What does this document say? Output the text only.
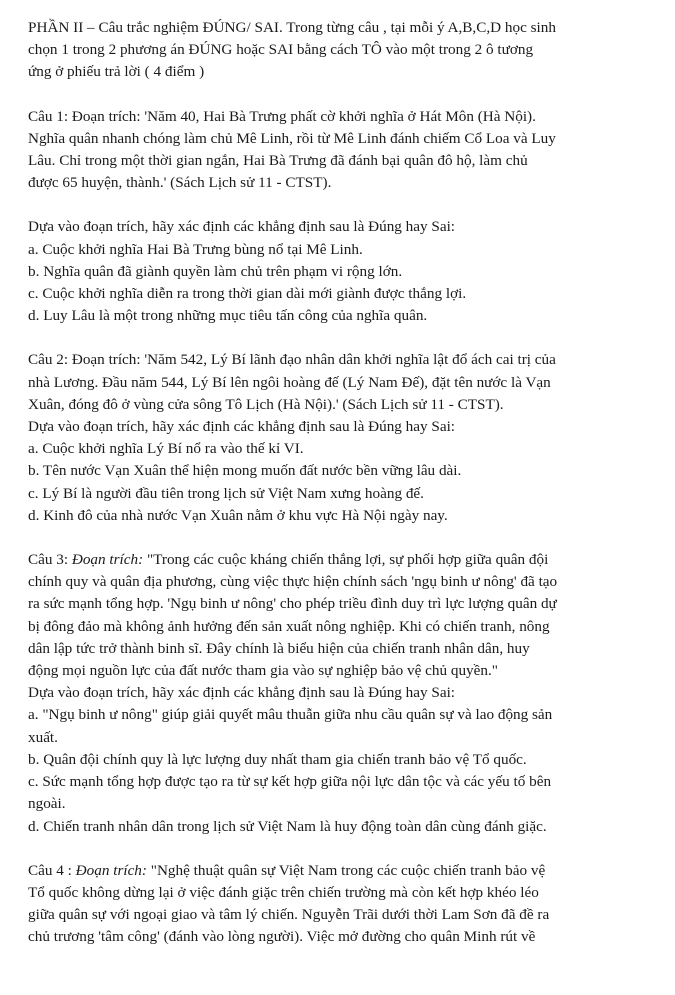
PHẦN II – Câu trắc nghiệm ĐÚNG/ SAI. Trong từng câu , tại mỗi ý A,B,C,D học sinh
chọn 1 trong 2 phương án ĐÚNG hoặc SAI bằng cách TÔ vào một trong 2 ô tương
ứng ở phiếu trả lời ( 4 điểm )
Câu 1: Đoạn trích: 'Năm 40, Hai Bà Trưng phất cờ khởi nghĩa ở Hát Môn (Hà Nội).
Nghĩa quân nhanh chóng làm chủ Mê Linh, rồi từ Mê Linh đánh chiếm Cổ Loa và Luy
Lâu. Chỉ trong một thời gian ngắn, Hai Bà Trưng đã đánh bại quân đô hộ, làm chủ
được 65 huyện, thành.' (Sách Lịch sử 11 - CTST).
Dựa vào đoạn trích, hãy xác định các khẳng định sau là Đúng hay Sai:
a. Cuộc khởi nghĩa Hai Bà Trưng bùng nổ tại Mê Linh.
b. Nghĩa quân đã giành quyền làm chủ trên phạm vi rộng lớn.
c. Cuộc khởi nghĩa diễn ra trong thời gian dài mới giành được thắng lợi.
d. Luy Lâu là một trong những mục tiêu tấn công của nghĩa quân.
Câu 2: Đoạn trích: 'Năm 542, Lý Bí lãnh đạo nhân dân khởi nghĩa lật đổ ách cai trị của
nhà Lương. Đầu năm 544, Lý Bí lên ngôi hoàng đế (Lý Nam Đế), đặt tên nước là Vạn
Xuân, đóng đô ở vùng cửa sông Tô Lịch (Hà Nội).' (Sách Lịch sử 11 - CTST).
Dựa vào đoạn trích, hãy xác định các khẳng định sau là Đúng hay Sai:
a. Cuộc khởi nghĩa Lý Bí nổ ra vào thế kỉ VI.
b. Tên nước Vạn Xuân thể hiện mong muốn đất nước bền vững lâu dài.
c. Lý Bí là người đầu tiên trong lịch sử Việt Nam xưng hoàng đế.
d. Kinh đô của nhà nước Vạn Xuân nằm ở khu vực Hà Nội ngày nay.
Câu 3: Đoạn trích: "Trong các cuộc kháng chiến thắng lợi, sự phối hợp giữa quân đội
chính quy và quân địa phương, cùng việc thực hiện chính sách 'ngụ binh ư nông' đã tạo
ra sức mạnh tổng hợp. 'Ngụ binh ư nông' cho phép triều đình duy trì lực lượng quân dự
bị đông đảo mà không ảnh hưởng đến sản xuất nông nghiệp. Khi có chiến tranh, nông
dân lập tức trở thành binh sĩ. Đây chính là biểu hiện của chiến tranh nhân dân, huy
động mọi nguồn lực của đất nước tham gia vào sự nghiệp bảo vệ chủ quyền."
Dựa vào đoạn trích, hãy xác định các khẳng định sau là Đúng hay Sai:
a. "Ngụ binh ư nông" giúp giải quyết mâu thuẫn giữa nhu cầu quân sự và lao động sản
xuất.
b. Quân đội chính quy là lực lượng duy nhất tham gia chiến tranh bảo vệ Tổ quốc.
c. Sức mạnh tổng hợp được tạo ra từ sự kết hợp giữa nội lực dân tộc và các yếu tố bên
ngoài.
d. Chiến tranh nhân dân trong lịch sử Việt Nam là huy động toàn dân cùng đánh giặc.
Câu 4 : Đoạn trích: "Nghệ thuật quân sự Việt Nam trong các cuộc chiến tranh bảo vệ
Tổ quốc không dừng lại ở việc đánh giặc trên chiến trường mà còn kết hợp khéo léo
giữa quân sự với ngoại giao và tâm lý chiến. Nguyễn Trãi dưới thời Lam Sơn đã đề ra
chủ trương 'tâm công' (đánh vào lòng người). Việc mở đường cho quân Minh rút về
